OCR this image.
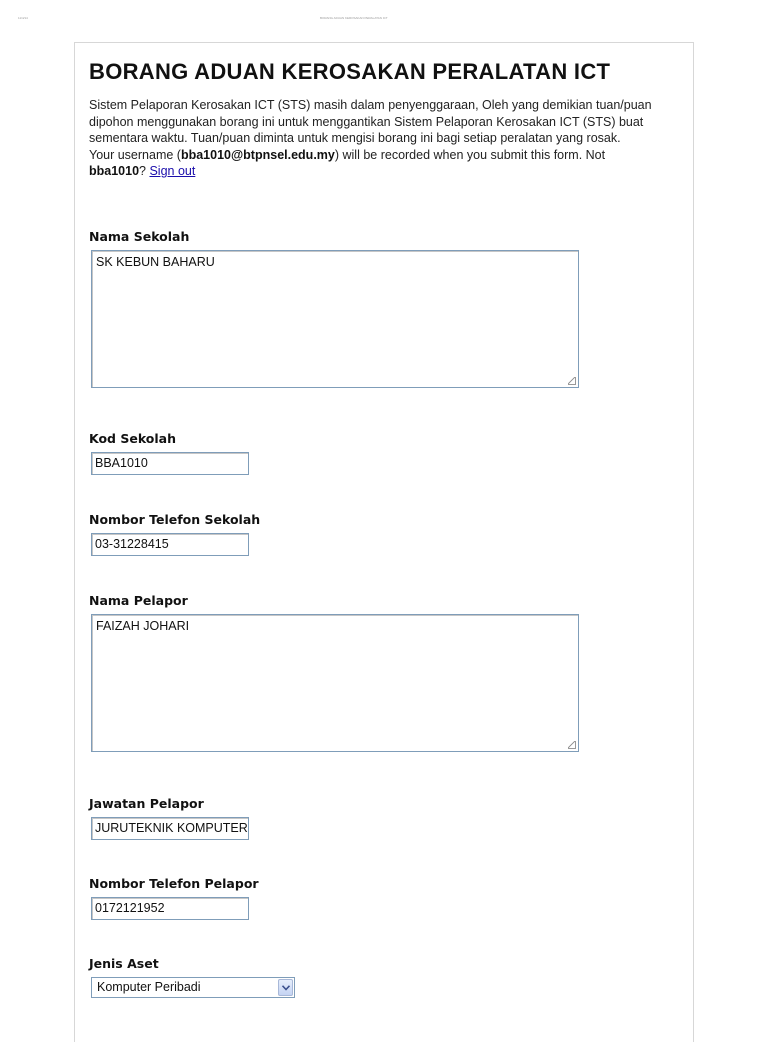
11/4/14	BORANG ADUAN KEROSAKAN PERALATAN ICT
BORANG ADUAN KEROSAKAN PERALATAN ICT
Sistem Pelaporan Kerosakan ICT (STS) masih dalam penyenggaraan, Oleh yang demikian tuan/puan dipohon menggunakan borang ini untuk menggantikan Sistem Pelaporan Kerosakan ICT (STS) buat sementara waktu. Tuan/puan diminta untuk mengisi borang ini bagi setiap peralatan yang rosak.
Your username (bba1010@btpnsel.edu.my) will be recorded when you submit this form. Not
bba1010? Sign out
Nama Sekolah
SK KEBUN BAHARU
Kod Sekolah
BBA1010
Nombor Telefon Sekolah
03-31228415
Nama Pelapor
FAIZAH JOHARI
Jawatan Pelapor
JURUTEKNIK KOMPUTER
Nombor Telefon Pelapor
0172121952
Jenis Aset
Komputer Peribadi
